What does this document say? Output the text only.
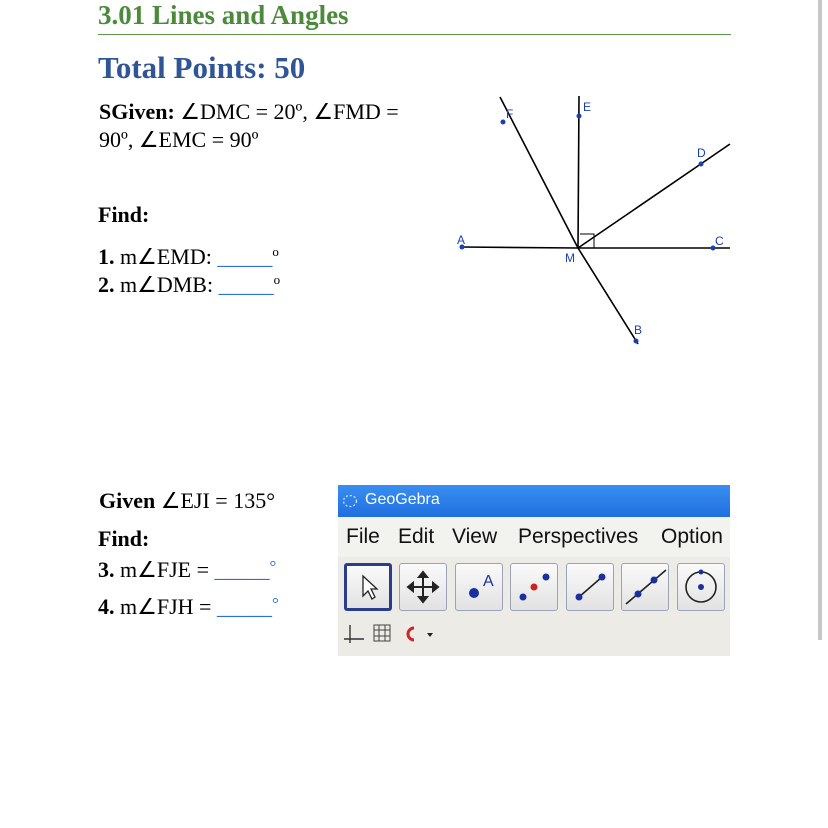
3.01 Lines and Angles
Total Points: 50
SGiven: ∠DMC = 20º, ∠FMD =
90º, ∠EMC = 90º
Find:
1. m∠EMD: _____$^o$
2. m∠DMB: _____$^o$
F	E
D
A	C
M
B
Given ∠EJI = 135°
Find:
3. m∠FJE = _____°
4. m∠FJH = _____°
GeoGebra
File Edit View Perspectives Option
A
